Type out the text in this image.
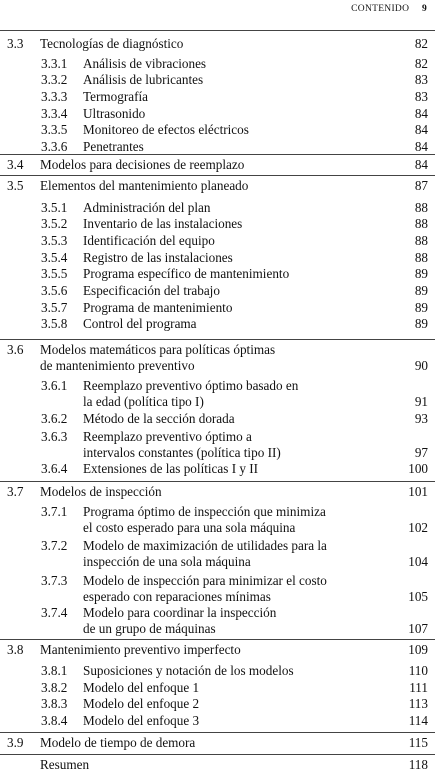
CONTENIDO 9
3.3 Tecnologías de diagnóstico	82
3.3.1 Análisis de vibraciones	82
3.3.2 Análisis de lubricantes	83
3.3.3 Termografía	83
3.3.4 Ultrasonido	84
3.3.5 Monitoreo de efectos eléctricos	84
3.3.6 Penetrantes	84
3.4 Modelos para decisiones de reemplazo	84
3.5 Elementos del mantenimiento planeado	87
3.5.1 Administración del plan	88
3.5.2 Inventario de las instalaciones	88
3.5.3 Identificación del equipo	88
3.5.4 Registro de las instalaciones	88
3.5.5 Programa específico de mantenimiento	89
3.5.6 Especificación del trabajo	89
3.5.7 Programa de mantenimiento	89
3.5.8 Control del programa	89
3.6 Modelos matemáticos para políticas óptimas
de mantenimiento preventivo	90
3.6.1 Reemplazo preventivo óptimo basado en
la edad (política tipo I)	91
3.6.2 Método de la sección dorada	93
3.6.3 Reemplazo preventivo óptimo a
intervalos constantes (política tipo II)	97
3.6.4 Extensiones de las políticas I y II	100
3.7 Modelos de inspección	101
3.7.1 Programa óptimo de inspección que minimiza
el costo esperado para una sola máquina	102
3.7.2 Modelo de maximización de utilidades para la
inspección de una sola máquina	104
3.7.3 Modelo de inspección para minimizar el costo
esperado con reparaciones mínimas	105
3.7.4 Modelo para coordinar la inspección
de un grupo de máquinas	107
3.8 Mantenimiento preventivo imperfecto	109
3.8.1 Suposiciones y notación de los modelos	110
3.8.2 Modelo del enfoque 1	111
3.8.3 Modelo del enfoque 2	113
3.8.4 Modelo del enfoque 3	114
3.9 Modelo de tiempo de demora	115
Resumen	118
